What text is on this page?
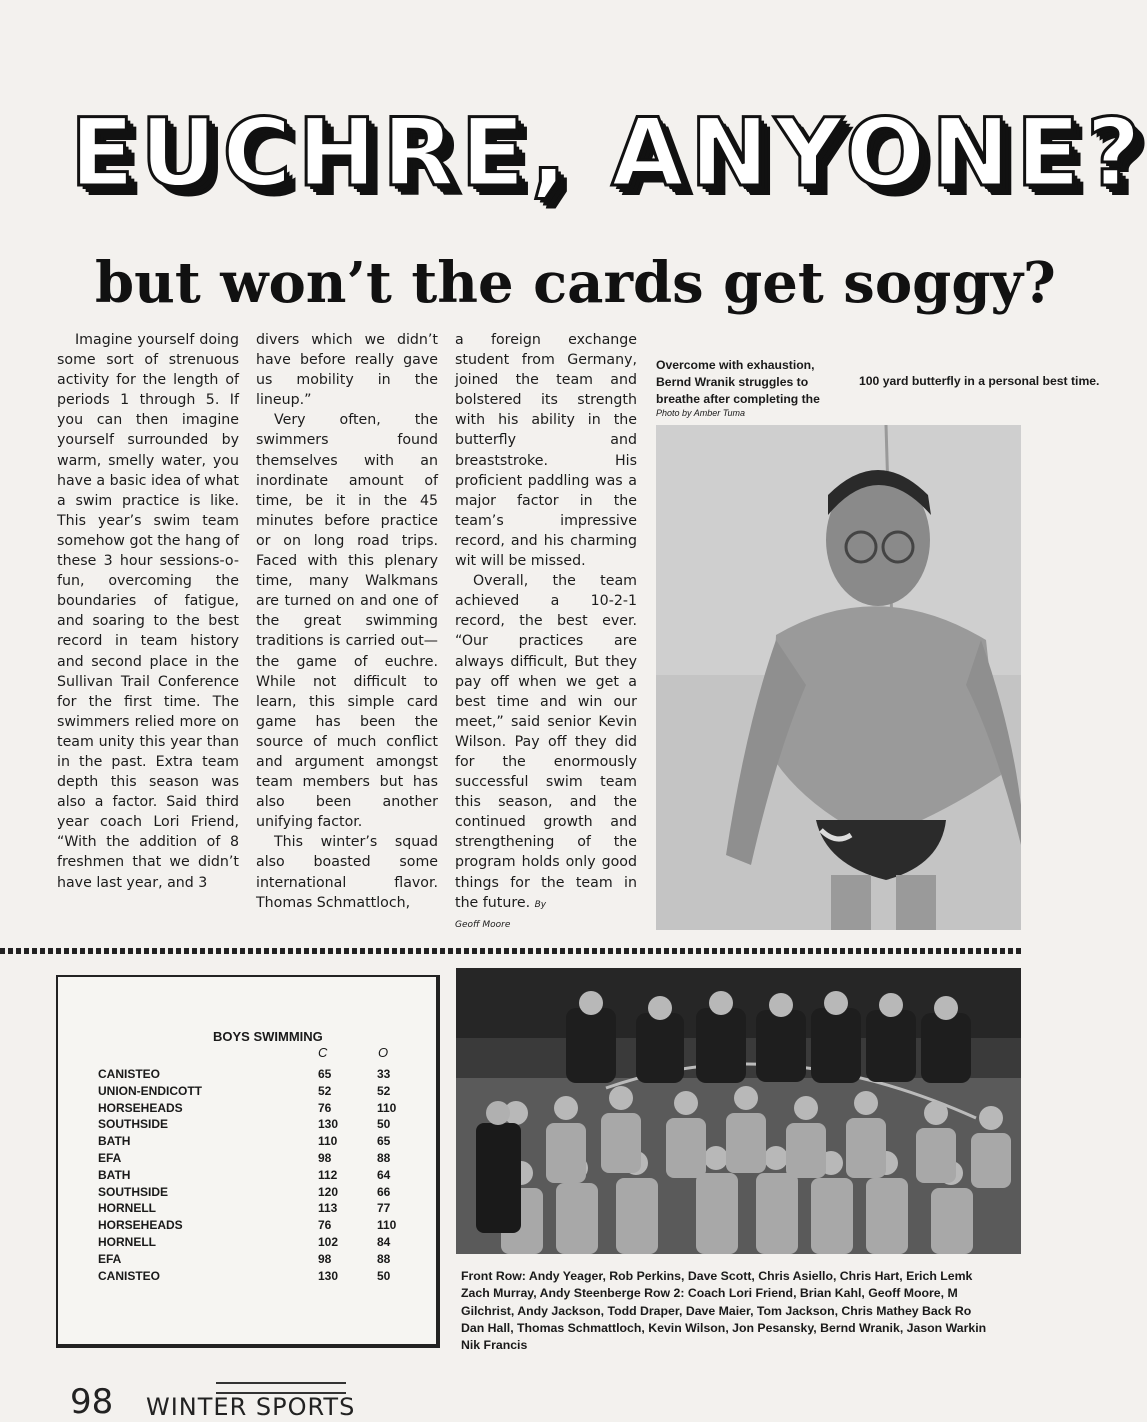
EUCHRE, ANYONE?
but won’t the cards get soggy?

Imagine yourself doing some sort of strenuous activity for the length of periods 1 through 5. If you can then imagine yourself surrounded by warm, smelly water, you have a basic idea of what a swim practice is like. This year’s swim team somehow got the hang of these 3 hour sessions-o-fun, overcoming the boundaries of fatigue, and soaring to the best record in team history and second place in the Sullivan Trail Conference for the first time. The swimmers relied more on team unity this year than in the past. Extra team depth this season was also a factor. Said third year coach Lori Friend, “With the addition of 8 freshmen that we didn’t have last year, and 3

divers which we didn’t have before really gave us mobility in the lineup.”

Very often, the swimmers found themselves with an inordinate amount of time, be it in the 45 minutes before practice or on long road trips. Faced with this plenary time, many Walkmans are turned on and one of the great swimming traditions is carried out—the game of euchre. While not difficult to learn, this simple card game has been the source of much conflict and argument amongst team members but has also been another unifying factor.

This winter’s squad also boasted some international flavor. Thomas Schmattloch,

a foreign exchange student from Germany, joined the team and bolstered its strength with his ability in the butterfly and breaststroke. His proficient paddling was a major factor in the team’s impressive record, and his charming wit will be missed.

Overall, the team achieved a 10-2-1 record, the best ever. “Our practices are always difficult, But they pay off when we get a best time and win our meet,” said senior Kevin Wilson. Pay off they did for the enormously successful swim team this season, and the continued growth and strengthening of the program holds only good things for the team in the future. By

Geoff Moore

Overcome with exhaustion, Bernd Wranik struggles to breathe after completing the
100 yard butterfly in a personal best time.
Photo by Amber Tuma
BOYS SWIMMING
C	O
CANISTEO	65	33
UNION-ENDICOTT	52	52
HORSEHEADS	76	110
SOUTHSIDE	130	50
BATH	110	65
EFA	98	88
BATH	112	64
SOUTHSIDE	120	66
HORNELL	113	77
HORSEHEADS	76	110
HORNELL	102	84
EFA	98	88
CANISTEO	130	50	Front Row: Andy Yeager, Rob Perkins, Dave Scott, Chris Asiello, Chris Hart, Erich Lemk
Zach Murray, Andy Steenberge Row 2: Coach Lori Friend, Brian Kahl, Geoff Moore, M
Gilchrist, Andy Jackson, Todd Draper, Dave Maier, Tom Jackson, Chris Mathey Back Ro
Dan Hall, Thomas Schmattloch, Kevin Wilson, Jon Pesansky, Bernd Wranik, Jason Warkin
Nik Francis
98 WINTER SPORTS
